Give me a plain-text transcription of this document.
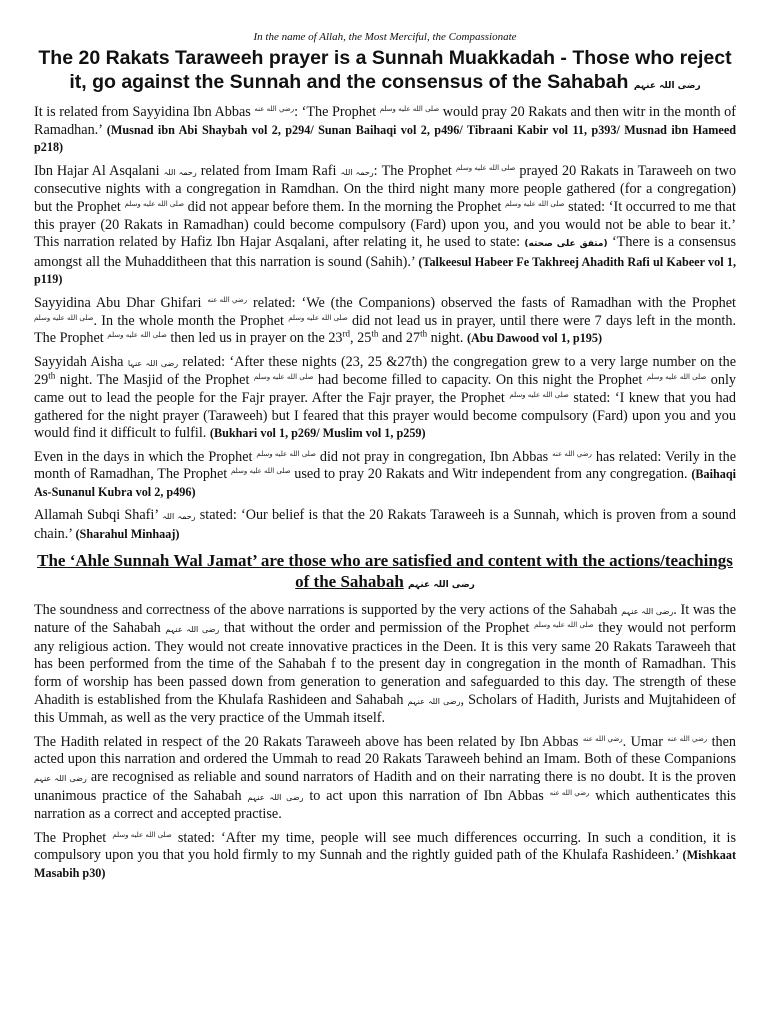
In the name of Allah, the Most Merciful, the Compassionate
The 20 Rakats Taraweeh prayer is a Sunnah Muakkadah - Those who reject it, go against the Sunnah and the consensus of the Sahabah رضی اللہ عنہم

It is related from Sayyidina Ibn Abbas رضي الله عنه: ‘The Prophet صلى الله عليه وسلم would pray 20 Rakats and then witr in the month of Ramadhan.’ (Musnad ibn Abi Shaybah vol 2, p294/ Sunan Baihaqi vol 2, p496/ Tibraani Kabir vol 11, p393/ Musnad ibn Hameed p218)

Ibn Hajar Al Asqalani رحمہ اللہ related from Imam Rafi رحمہ اللہ: The Prophet صلى الله عليه وسلم prayed 20 Rakats in Taraweeh on two consecutive nights with a congregation in Ramdhan. On the third night many more people gathered (for a congregation) but the Prophet صلى الله عليه وسلم did not appear before them. In the morning the Prophet صلى الله عليه وسلم stated: ‘It occurred to me that this prayer (20 Rakats in Ramadhan) could become compulsory (Fard) upon you, and you would not be able to bear it.’ This narration related by Hafiz Ibn Hajar Asqalani, after relating it, he used to state: (متفق علی صحته) ‘There is a consensus amongst all the Muhadditheen that this narration is sound (Sahih).’ (Talkeesul Habeer Fe Takhreej Ahadith Rafi ul Kabeer vol 1, p119)

Sayyidina Abu Dhar Ghifari رضي الله عنه related: ‘We (the Companions) observed the fasts of Ramadhan with the Prophet صلى الله عليه وسلم. In the whole month the Prophet صلى الله عليه وسلم did not lead us in prayer, until there were 7 days left in the month. The Prophet صلى الله عليه وسلم then led us in prayer on the 23rd, 25th and 27th night. (Abu Dawood vol 1, p195)

Sayyidah Aisha رضی اللہ عنہا related: ‘After these nights (23, 25 &27th) the congregation grew to a very large number on the 29th night. The Masjid of the Prophet صلى الله عليه وسلم had become filled to capacity. On this night the Prophet صلى الله عليه وسلم only came out to lead the people for the Fajr prayer. After the Fajr prayer, the Prophet صلى الله عليه وسلم stated: ‘I knew that you had gathered for the night prayer (Taraweeh) but I feared that this prayer would become compulsory (Fard) upon you and you would find it difficult to fulfil. (Bukhari vol 1, p269/ Muslim vol 1, p259)

Even in the days in which the Prophet صلى الله عليه وسلم did not pray in congregation, Ibn Abbas رضي الله عنه has related: Verily in the month of Ramadhan, The Prophet صلى الله عليه وسلم used to pray 20 Rakats and Witr independent from any congregation. (Baihaqi As-Sunanul Kubra vol 2, p496)

Allamah Subqi Shafi’ رحمہ اللہ stated: ‘Our belief is that the 20 Rakats Taraweeh is a Sunnah, which is proven from a sound chain.’ (Sharahul Minhaaj)

The ‘Ahle Sunnah Wal Jamat’ are those who are satisfied and content with the actions/teachings of the Sahabah رضی اللہ عنہم

The soundness and correctness of the above narrations is supported by the very actions of the Sahabah رضی اللہ عنہم. It was the nature of the Sahabah رضی اللہ عنہم that without the order and permission of the Prophet صلى الله عليه وسلم they would not perform any religious action. They would not create innovative practices in the Deen. It is this very same 20 Rakats Taraweeh that has been performed from the time of the Sahabah f to the present day in congregation in the month of Ramadhan. This form of worship has been passed down from generation to generation and safeguarded to this day. The strength of these Ahadith is established from the Khulafa Rashideen and Sahabah رضی اللہ عنہم, Scholars of Hadith, Jurists and Mujtahideen of this Ummah, as well as the very practice of the Ummah itself.

The Hadith related in respect of the 20 Rakats Taraweeh above has been related by Ibn Abbas رضي الله عنه. Umar رضي الله عنه then acted upon this narration and ordered the Ummah to read 20 Rakats Taraweeh behind an Imam. Both of these Companions رضی اللہ عنہم are recognised as reliable and sound narrators of Hadith and on their narrating there is no doubt. It is the proven unanimous practice of the Sahabah رضی اللہ عنہم to act upon this narration of Ibn Abbas رضي الله عنه which authenticates this narration as a correct and accepted practise.

The Prophet صلى الله عليه وسلم stated: ‘After my time, people will see much differences occurring. In such a condition, it is compulsory upon you that you hold firmly to my Sunnah and the rightly guided path of the Khulafa Rashideen.’ (Mishkaat Masabih p30)
